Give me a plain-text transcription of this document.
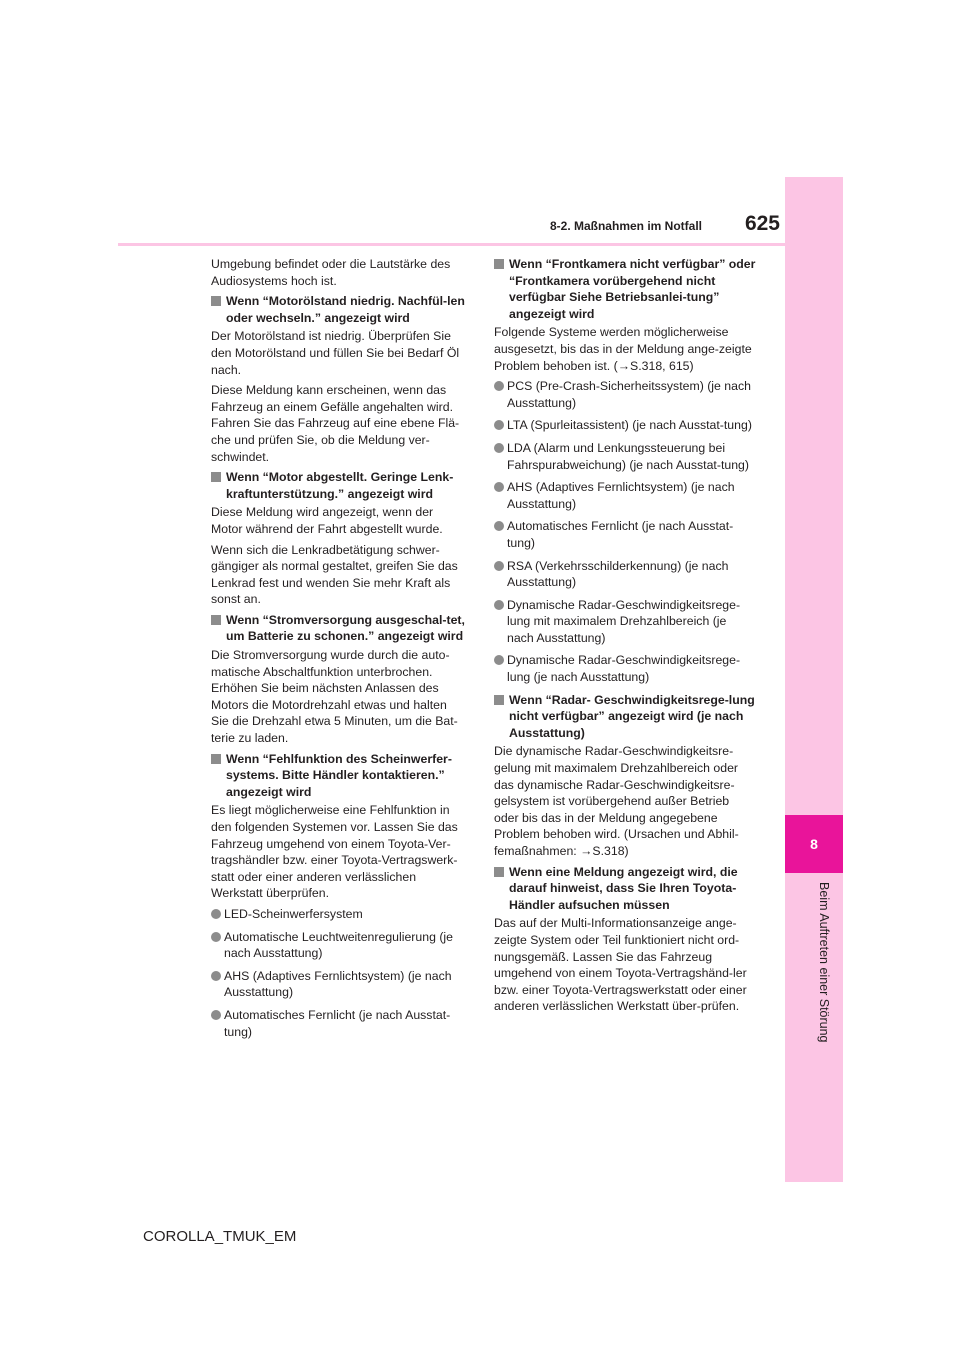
8
Beim Auftreten einer Störung
8-2. Maßnahmen im Notfall	625

Umgebung befindet oder die Lautstärke des Audiosystems hoch ist.

Wenn “Motorölstand niedrig. Nachfül-len oder wechseln.” angezeigt wird

Der Motorölstand ist niedrig. Überprüfen Sie den Motorölstand und füllen Sie bei Bedarf Öl nach.

Diese Meldung kann erscheinen, wenn das Fahrzeug an einem Gefälle angehalten wird. Fahren Sie das Fahrzeug auf eine ebene Flä-che und prüfen Sie, ob die Meldung ver-schwindet.

Wenn “Motor abgestellt. Geringe Lenk-kraftunterstützung.” angezeigt wird

Diese Meldung wird angezeigt, wenn der Motor während der Fahrt abgestellt wurde.

Wenn sich die Lenkradbetätigung schwer-gängiger als normal gestaltet, greifen Sie das Lenkrad fest und wenden Sie mehr Kraft als sonst an.

Wenn “Stromversorgung ausgeschal-tet, um Batterie zu schonen.” angezeigt wird

Die Stromversorgung wurde durch die auto-matische Abschaltfunktion unterbrochen. Erhöhen Sie beim nächsten Anlassen des Motors die Motordrehzahl etwas und halten Sie die Drehzahl etwa 5 Minuten, um die Bat-terie zu laden.

Wenn “Fehlfunktion des Scheinwerfer-systems. Bitte Händler kontaktieren.” angezeigt wird

Es liegt möglicherweise eine Fehlfunktion in den folgenden Systemen vor. Lassen Sie das Fahrzeug umgehend von einem Toyota-Ver-tragshändler bzw. einer Toyota-Vertragswerk-statt oder einer anderen verlässlichen Werkstatt überprüfen.

LED-Scheinwerfersystem
Automatische Leuchtweitenregulierung (je nach Ausstattung)
AHS (Adaptives Fernlichtsystem) (je nach Ausstattung)
Automatisches Fernlicht (je nach Ausstat-tung)
Wenn “Frontkamera nicht verfügbar” oder “Frontkamera vorübergehend nicht verfügbar Siehe Betriebsanlei-tung” angezeigt wird

Folgende Systeme werden möglicherweise ausgesetzt, bis das in der Meldung ange-zeigte Problem behoben ist. (→S.318, 615)

PCS (Pre-Crash-Sicherheitssystem) (je nach Ausstattung)
LTA (Spurleitassistent) (je nach Ausstat-tung)
LDA (Alarm und Lenkungssteuerung bei Fahrspurabweichung) (je nach Ausstat-tung)
AHS (Adaptives Fernlichtsystem) (je nach Ausstattung)
Automatisches Fernlicht (je nach Ausstat-tung)
RSA (Verkehrsschilderkennung) (je nach Ausstattung)
Dynamische Radar-Geschwindigkeitsrege-lung mit maximalem Drehzahlbereich (je nach Ausstattung)
Dynamische Radar-Geschwindigkeitsrege-lung (je nach Ausstattung)
Wenn “Radar- Geschwindigkeitsrege-lung nicht verfügbar” angezeigt wird (je nach Ausstattung)

Die dynamische Radar-Geschwindigkeitsre-gelung mit maximalem Drehzahlbereich oder das dynamische Radar-Geschwindigkeitsre-gelsystem ist vorübergehend außer Betrieb oder bis das in der Meldung angegebene Problem behoben wird. (Ursachen und Abhil-femaßnahmen: →S.318)

Wenn eine Meldung angezeigt wird, die darauf hinweist, dass Sie Ihren Toyota-Händler aufsuchen müssen

Das auf der Multi-Informationsanzeige ange-zeigte System oder Teil funktioniert nicht ord-nungsgemäß. Lassen Sie das Fahrzeug umgehend von einem Toyota-Vertragshänd-ler bzw. einer Toyota-Vertragswerkstatt oder einer anderen verlässlichen Werkstatt über-prüfen.

COROLLA_TMUK_EM
